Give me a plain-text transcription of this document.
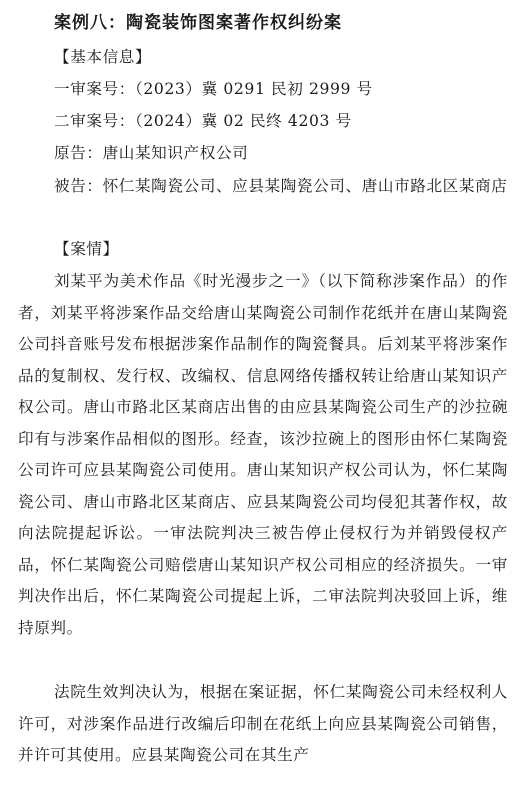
案例八：陶瓷装饰图案著作权纠纷案
【基本信息】
一审案号：（2023）冀 0291 民初 2999 号
二审案号：（2024）冀 02 民终 4203 号
原告：唐山某知识产权公司
被告：怀仁某陶瓷公司、应县某陶瓷公司、唐山市路北区某商店
【案情】
刘某平为美术作品《时光漫步之一》（以下简称涉案作品）的作者，刘某平将涉案作品交给唐山某陶瓷公司制作花纸并在唐山某陶瓷公司抖音账号发布根据涉案作品制作的陶瓷餐具。后刘某平将涉案作品的复制权、发行权、改编权、信息网络传播权转让给唐山某知识产权公司。唐山市路北区某商店出售的由应县某陶瓷公司生产的沙拉碗印有与涉案作品相似的图形。经查，该沙拉碗上的图形由怀仁某陶瓷公司许可应县某陶瓷公司使用。唐山某知识产权公司认为，怀仁某陶瓷公司、唐山市路北区某商店、应县某陶瓷公司均侵犯其著作权，故向法院提起诉讼。一审法院判决三被告停止侵权行为并销毁侵权产品，怀仁某陶瓷公司赔偿唐山某知识产权公司相应的经济损失。一审判决作出后，怀仁某陶瓷公司提起上诉，二审法院判决驳回上诉，维持原判。
法院生效判决认为，根据在案证据，怀仁某陶瓷公司未经权利人许可，对涉案作品进行改编后印制在花纸上向应县某陶瓷公司销售，并许可其使用。应县某陶瓷公司在其生产
